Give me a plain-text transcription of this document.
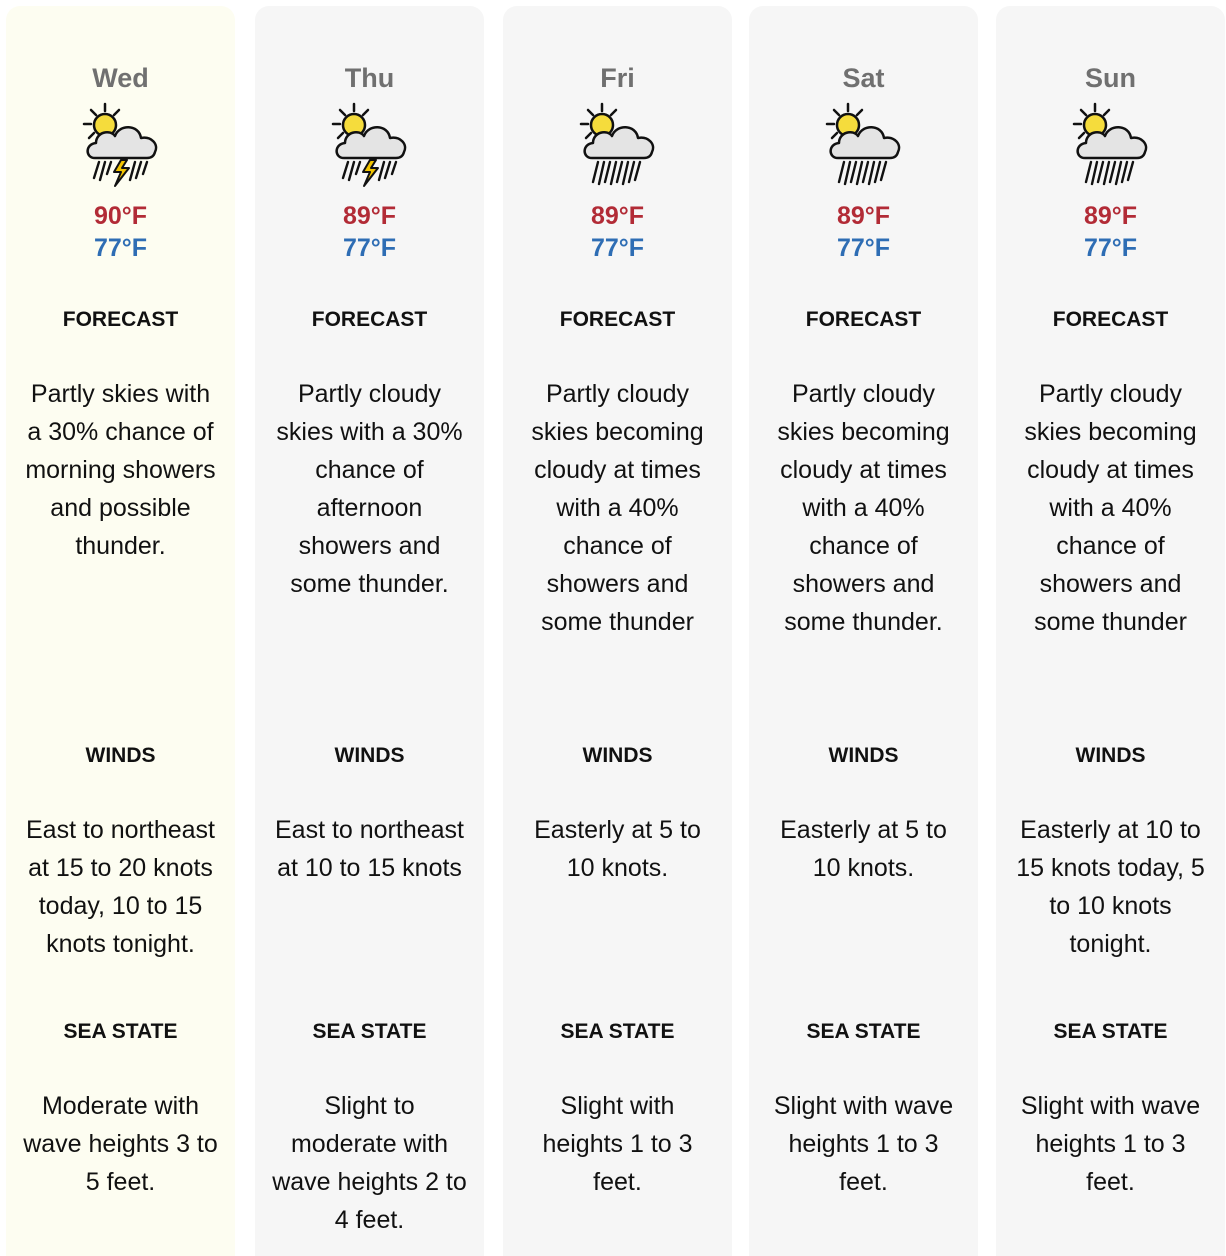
Wed
90°F
77°F
FORECAST
Partly skies with a 30% chance of morning showers and possible thunder.
WINDS
East to northeast at 15 to 20 knots today, 10 to 15 knots tonight.
SEA STATE
Moderate with wave heights 3 to 5 feet.
Thu
89°F
77°F
FORECAST
Partly cloudy skies with a 30% chance of afternoon showers and some thunder.
WINDS
East to northeast at 10 to 15 knots
SEA STATE
Slight to moderate with wave heights 2 to 4 feet.
Fri
89°F
77°F
FORECAST
Partly cloudy skies becoming cloudy at times with a 40% chance of showers and some thunder
WINDS
Easterly at 5 to 10 knots.
SEA STATE
Slight with heights 1 to 3 feet.
Sat
89°F
77°F
FORECAST
Partly cloudy skies becoming cloudy at times with a 40% chance of showers and some thunder.
WINDS
Easterly at 5 to 10 knots.
SEA STATE
Slight with wave heights 1 to 3 feet.
Sun
89°F
77°F
FORECAST
Partly cloudy skies becoming cloudy at times with a 40% chance of showers and some thunder
WINDS
Easterly at 10 to 15 knots today, 5 to 10 knots tonight.
SEA STATE
Slight with wave heights 1 to 3 feet.
